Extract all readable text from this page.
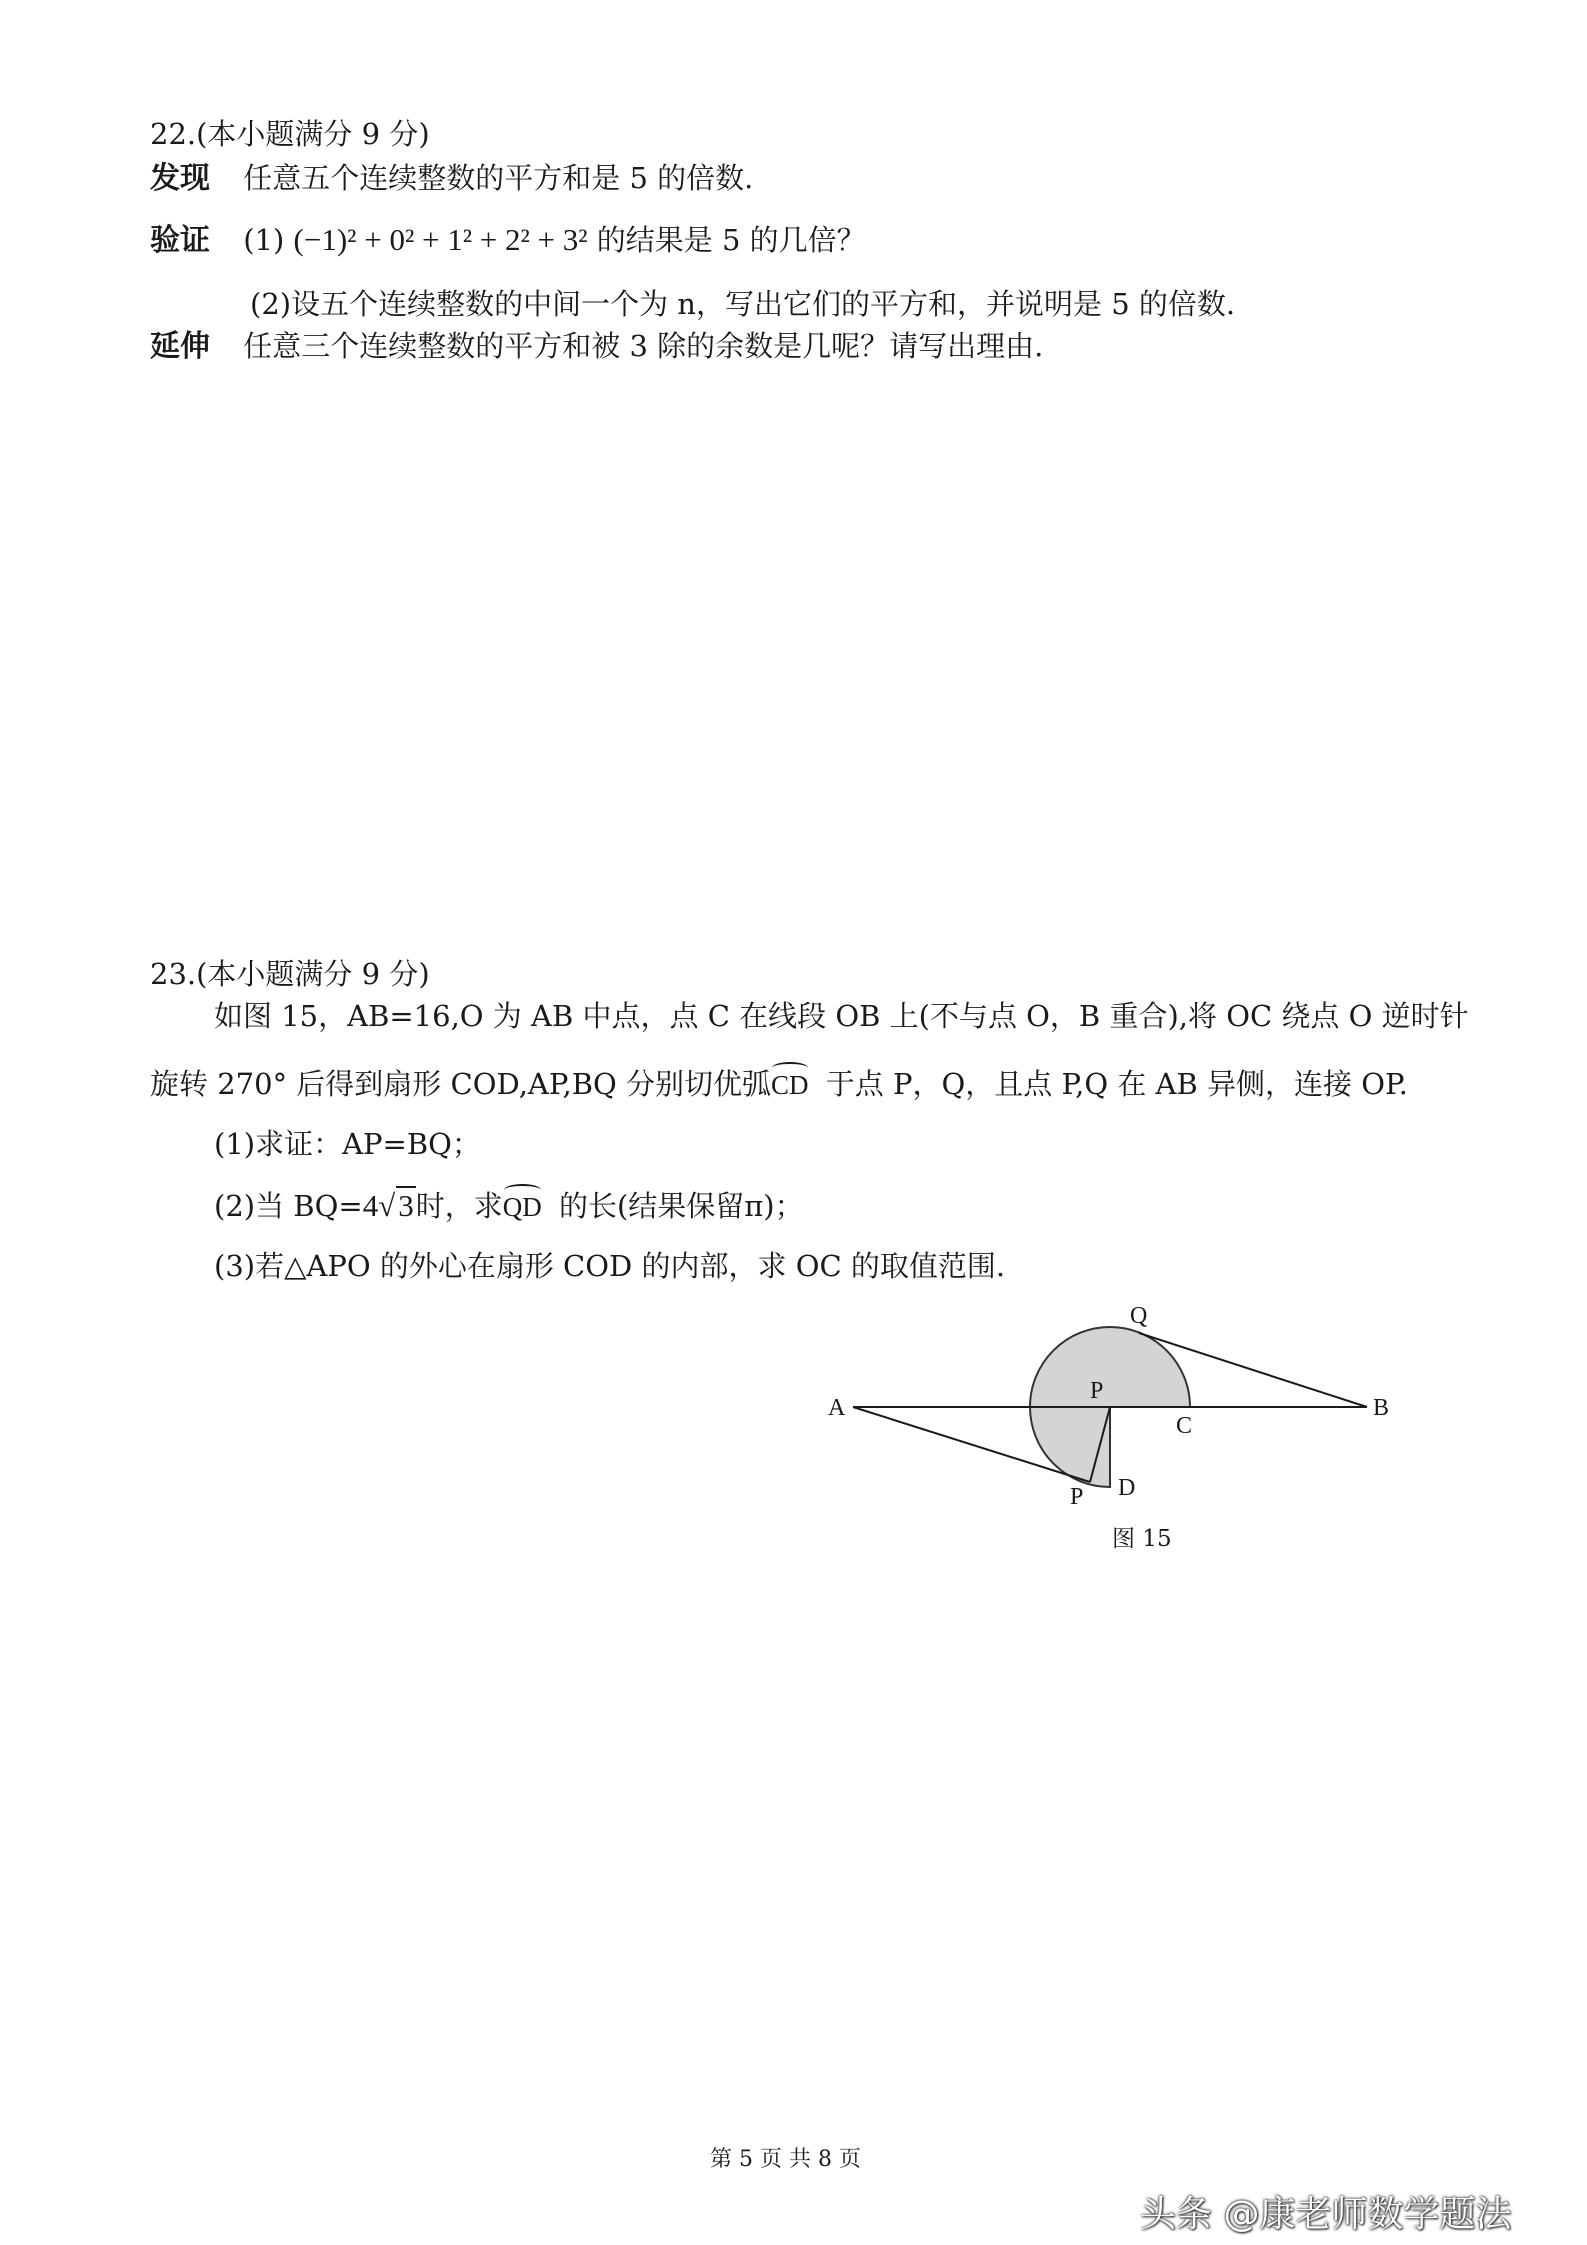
22.(本小题满分 9 分)
发现 任意五个连续整数的平方和是 5 的倍数.
验证 (1) (−1)² + 0² + 1² + 2² + 3² 的结果是 5 的几倍？
(2)设五个连续整数的中间一个为 n，写出它们的平方和，并说明是 5 的倍数.
延伸 任意三个连续整数的平方和被 3 除的余数是几呢？请写出理由.
23.(本小题满分 9 分)
如图 15，AB=16,O 为 AB 中点，点 C 在线段 OB 上(不与点 O，B 重合),将 OC 绕点 O 逆时针
旋转 270° 后得到扇形 COD,AP,BQ 分别切优弧CD 于点 P，Q，且点 P,Q 在 AB 异侧，连接 OP.
(1)求证：AP=BQ；
(2)当 BQ=4√3时，求QD 的长(结果保留π)；
(3)若△APO 的外心在扇形 COD 的内部，求 OC 的取值范围.
A	B
C
D
P
P
Q
图 15
第 5 页 共 8 页
头条 @康老师数学题法
